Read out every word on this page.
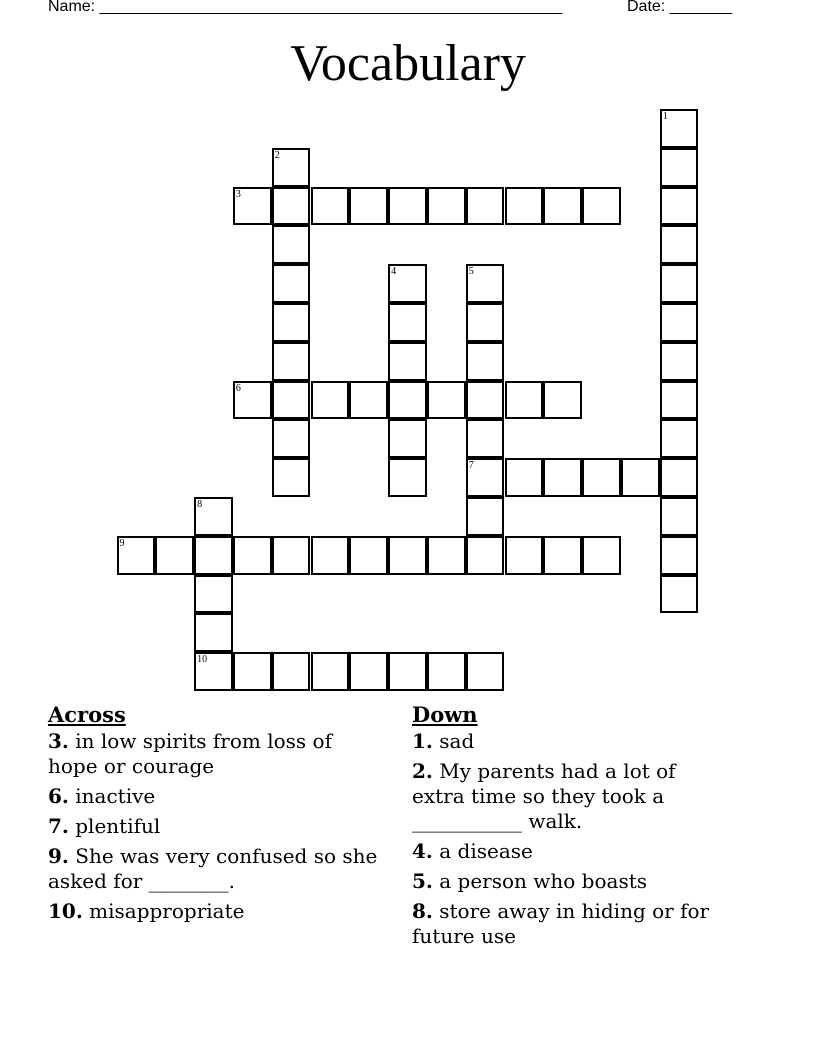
Name: ____________________________________________________	Date: _______
Vocabulary
1
2
3
4	5
7
6
8
10
9
Across
3. in low spirits from loss of hope or courage
6. inactive
7. plentiful
9. She was very confused so she asked for ________.
10. misappropriate
Down
1. sad
2. My parents had a lot of extra time so they took a ___________ walk.
4. a disease
5. a person who boasts
8. store away in hiding or for future use
